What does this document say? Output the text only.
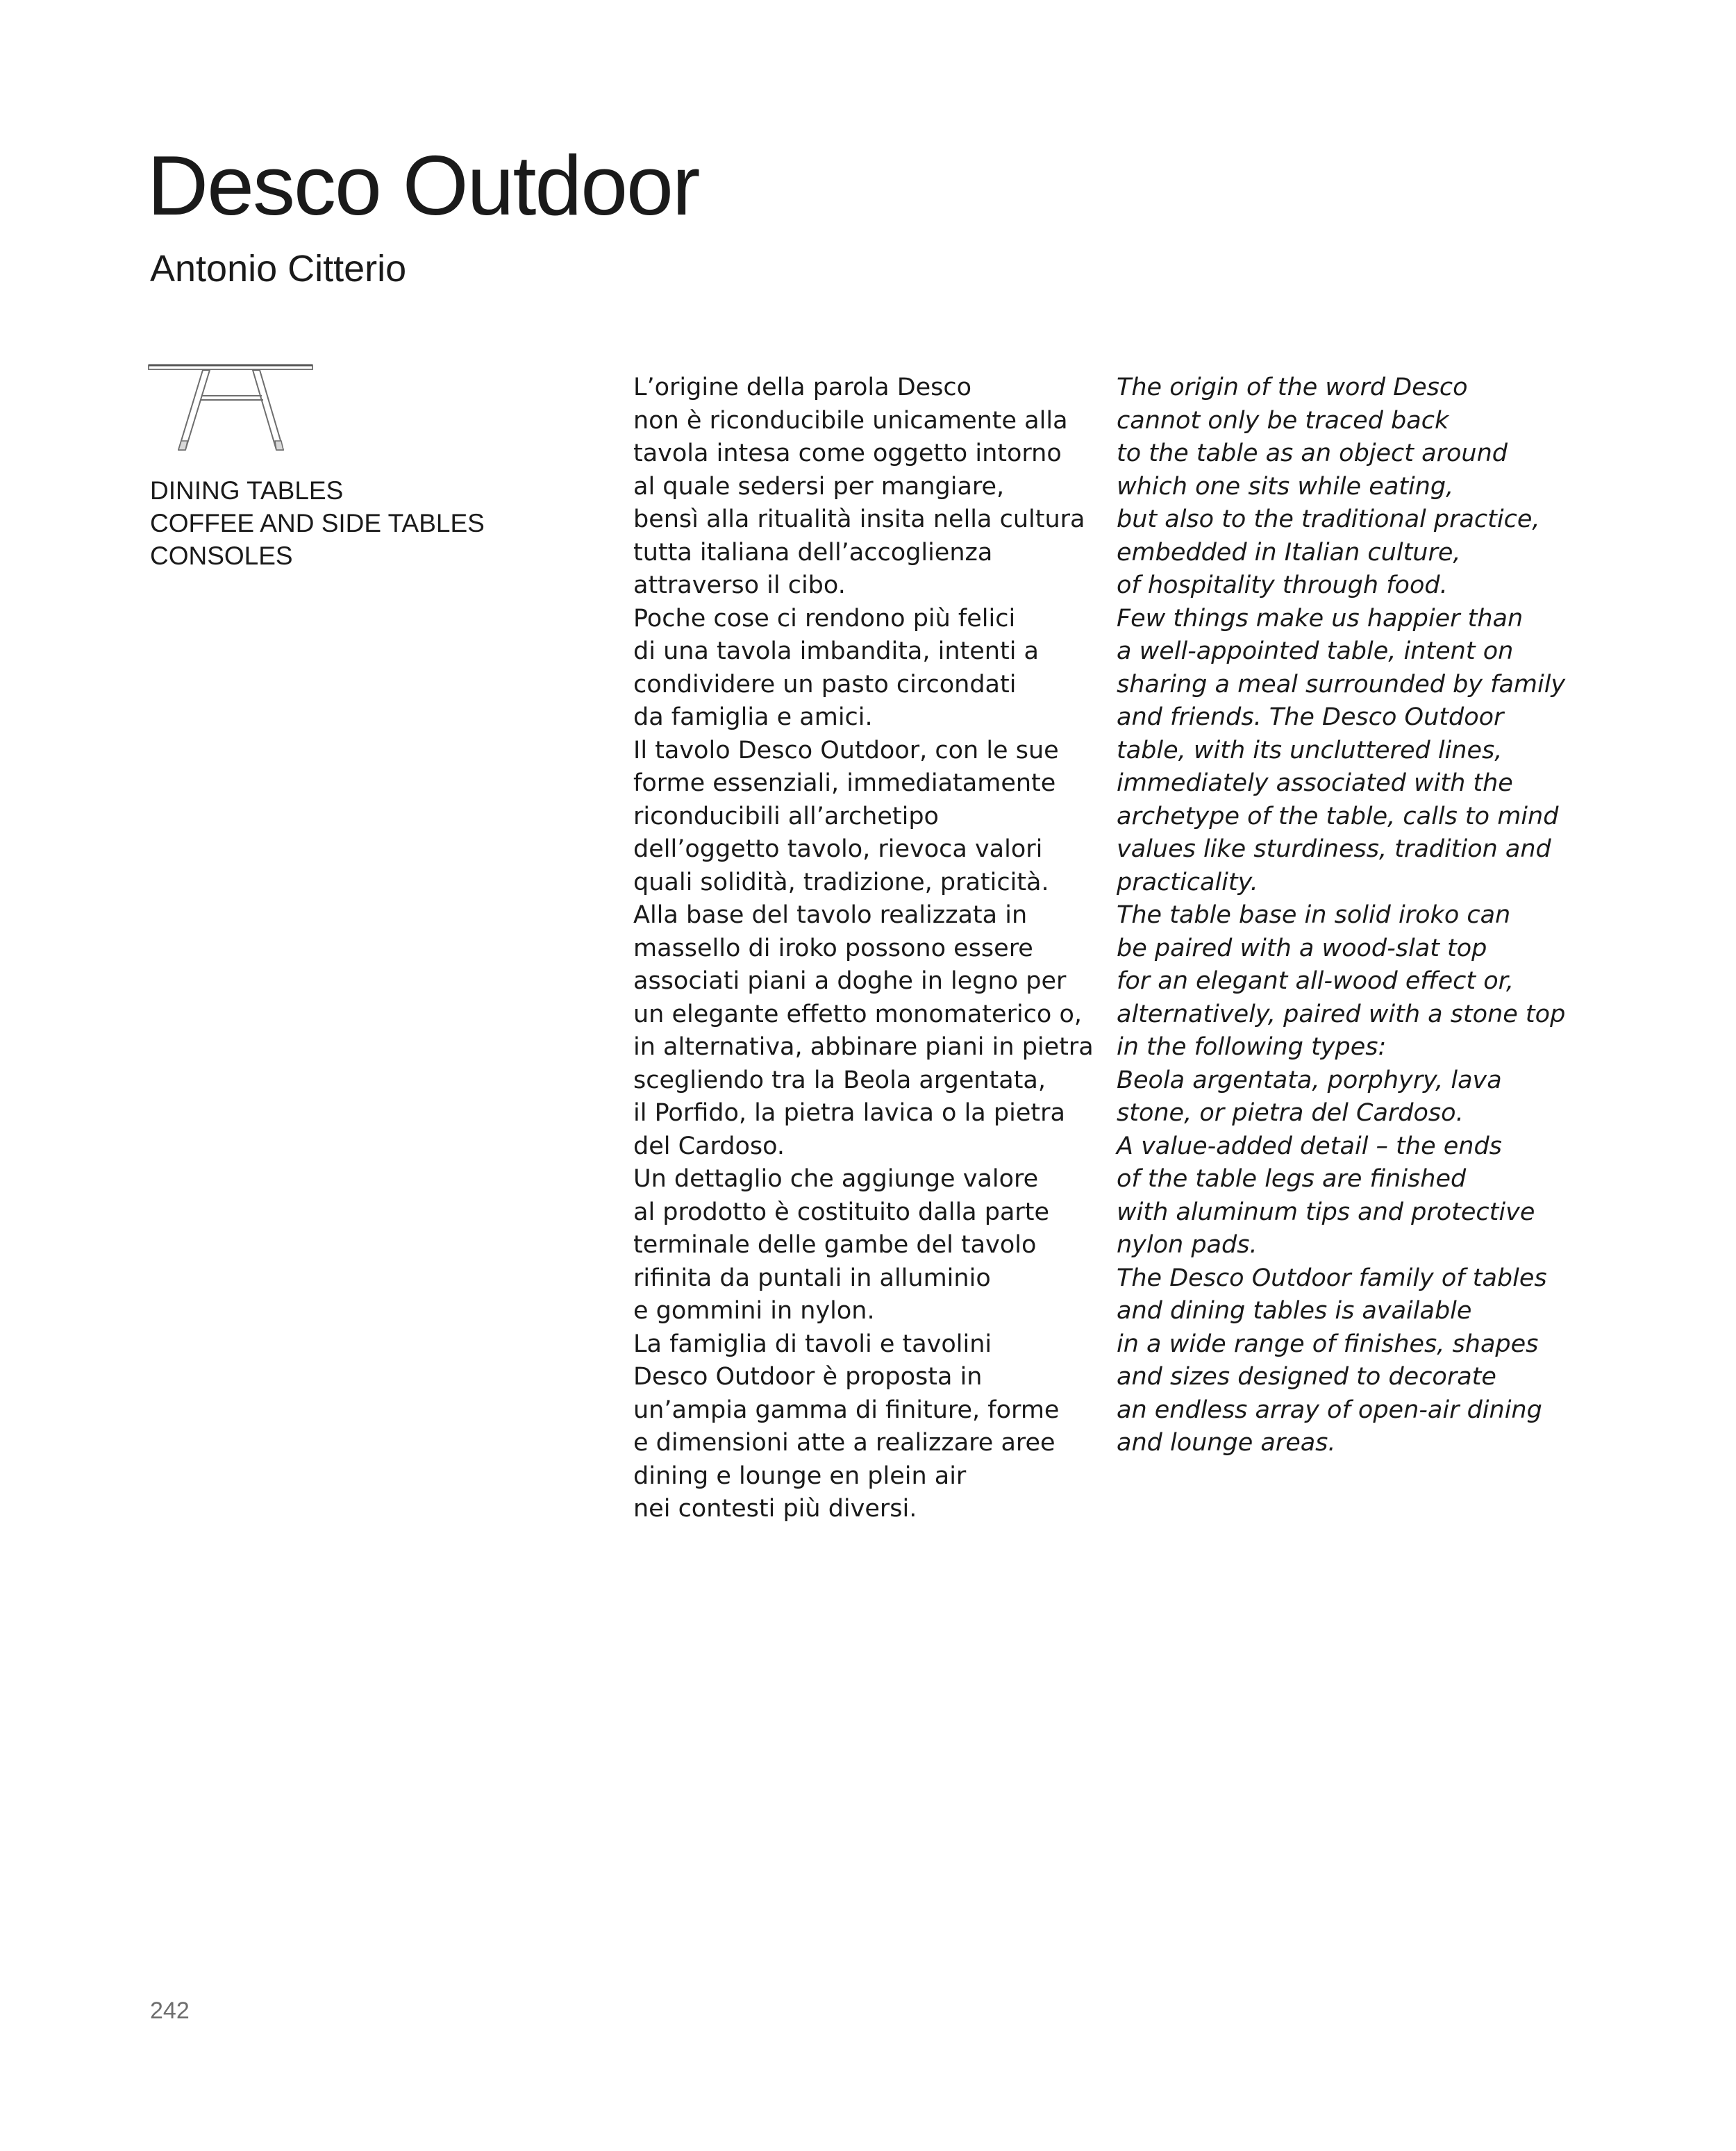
Desco Outdoor
Antonio Citterio
DINING TABLES
COFFEE AND SIDE TABLES
CONSOLES
L’origine della parola Desco
non è riconducibile unicamente alla
tavola intesa come oggetto intorno
al quale sedersi per mangiare,
bensì alla ritualità insita nella cultura
tutta italiana dell’accoglienza
attraverso il cibo.
Poche cose ci rendono più felici
di una tavola imbandita, intenti a
condividere un pasto circondati
da famiglia e amici.
Il tavolo Desco Outdoor, con le sue
forme essenziali, immediatamente
riconducibili all’archetipo
dell’oggetto tavolo, rievoca valori
quali solidità, tradizione, praticità.
Alla base del tavolo realizzata in
massello di iroko possono essere
associati piani a doghe in legno per
un elegante effetto monomaterico o,
in alternativa, abbinare piani in pietra
scegliendo tra la Beola argentata,
il Porfido, la pietra lavica o la pietra
del Cardoso.
Un dettaglio che aggiunge valore
al prodotto è costituito dalla parte
terminale delle gambe del tavolo
rifinita da puntali in alluminio
e gommini in nylon.
La famiglia di tavoli e tavolini
Desco Outdoor è proposta in
un’ampia gamma di finiture, forme
e dimensioni atte a realizzare aree
dining e lounge en plein air
nei contesti più diversi.
The origin of the word Desco
cannot only be traced back
to the table as an object around
which one sits while eating,
but also to the traditional practice,
embedded in Italian culture,
of hospitality through food.
Few things make us happier than
a well-appointed table, intent on
sharing a meal surrounded by family
and friends. The Desco Outdoor
table, with its uncluttered lines,
immediately associated with the
archetype of the table, calls to mind
values like sturdiness, tradition and
practicality.
The table base in solid iroko can
be paired with a wood-slat top
for an elegant all-wood effect or,
alternatively, paired with a stone top
in the following types:
Beola argentata, porphyry, lava
stone, or pietra del Cardoso.
A value-added detail – the ends
of the table legs are finished
with aluminum tips and protective
nylon pads.
The Desco Outdoor family of tables
and dining tables is available
in a wide range of finishes, shapes
and sizes designed to decorate
an endless array of open-air dining
and lounge areas.
242
